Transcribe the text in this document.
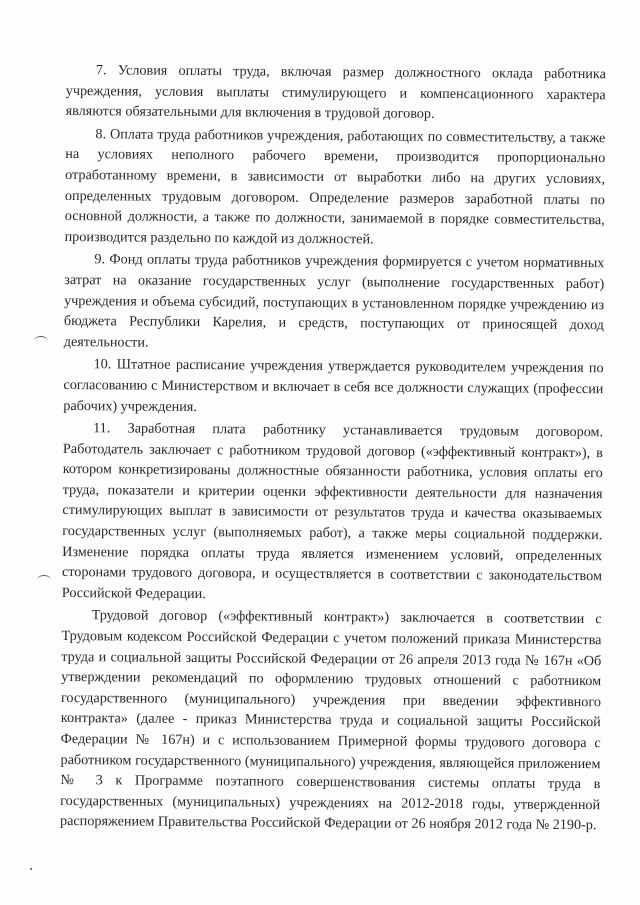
7. Условия оплаты труда, включая размер должностного оклада работника учреждения, условия выплаты стимулирующего и компенсационного характера являются обязательными для включения в трудовой договор.

8. Оплата труда работников учреждения, работающих по совместительству, а также на условиях неполного рабочего времени, производится пропорционально отработанному времени, в зависимости от выработки либо на других условиях, определенных трудовым договором. Определение размеров заработной платы по основной должности, а также по должности, занимаемой в порядке совместительства, производится раздельно по каждой из должностей.

9. Фонд оплаты труда работников учреждения формируется с учетом нормативных затрат на оказание государственных услуг (выполнение государственных работ) учреждения и объема субсидий, поступающих в установленном порядке учреждению из бюджета Республики Карелия, и средств, поступающих от приносящей доход деятельности.

10. Штатное расписание учреждения утверждается руководителем учреждения по согласованию с Министерством и включает в себя все должности служащих (профессии рабочих) учреждения.

11. Заработная плата работнику устанавливается трудовым договором. Работодатель заключает с работником трудовой договор («эффективный контракт»), в котором конкретизированы должностные обязанности работника, условия оплаты его труда, показатели и критерии оценки эффективности деятельности для назначения стимулирующих выплат в зависимости от результатов труда и качества оказываемых государственных услуг (выполняемых работ), а также меры социальной поддержки. Изменение порядка оплаты труда является изменением условий, определенных сторонами трудового договора, и осуществляется в соответствии с законодательством Российской Федерации.

Трудовой договор («эффективный контракт») заключается в соответствии с Трудовым кодексом Российской Федерации с учетом положений приказа Министерства труда и социальной защиты Российской Федерации от 26 апреля 2013 года № 167н «Об утверждении рекомендаций по оформлению трудовых отношений с работником государственного (муниципального) учреждения при введении эффективного контракта» (далее - приказ Министерства труда и социальной защиты Российской Федерации № 167н) и с использованием Примерной формы трудового договора с работником государственного (муниципального) учреждения, являющейся приложением № 3 к Программе поэтапного совершенствования системы оплаты труда в государственных (муниципальных) учреждениях на 2012-2018 годы, утвержденной распоряжением Правительства Российской Федерации от 26 ноября 2012 года № 2190-р.
